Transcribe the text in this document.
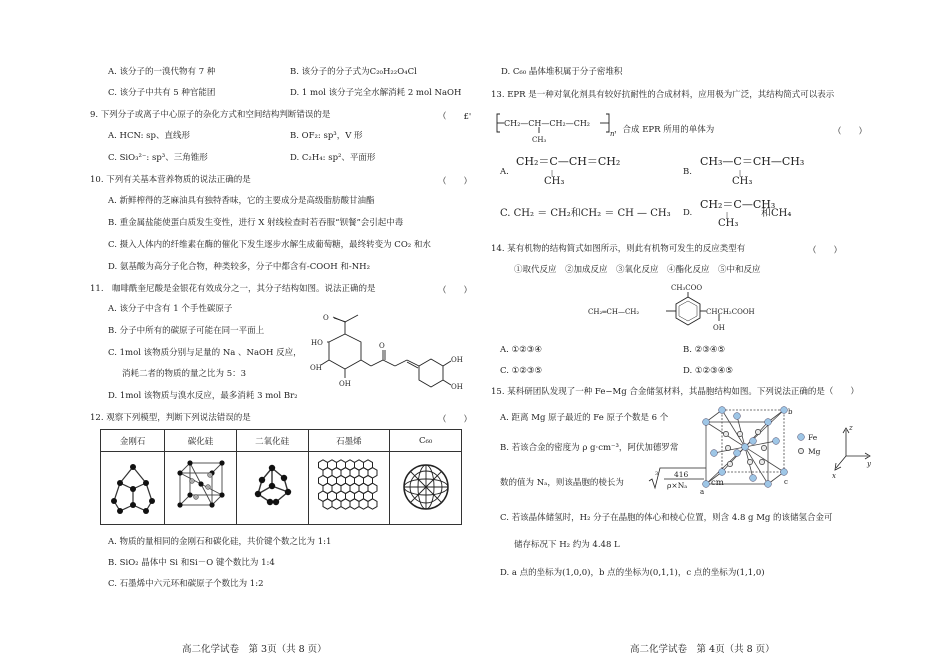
A. 该分子的一溴代物有 7 种	B. 该分子的分子式为C₂₀H₂₂O₄Cl
C. 该分子中共有 5 种官能团	D. 1 mol 该分子完全水解消耗 2 mol NaOH
9. 下列分子或离子中心原子的杂化方式和空间结构判断错误的是	（　　£'
A. HCN: sp、直线形	B. OF₂: sp³，V 形
C. SiO₃²⁻: sp³、三角锥形	D. C₂H₄: sp²、平面形
10. 下列有关基本营养物质的说法正确的是	（　　）
A. 新鲜榨得的芝麻油具有独特香味，它的主要成分是高级脂肪酸甘油酯
B. 重金属盐能使蛋白质发生变性，进行 X 射线检查时若吞服“钡餐”会引起中毒
C. 摄入人体内的纤维素在酶的催化下发生逐步水解生成葡萄糖，最终转变为 CO₂ 和水
D. 氨基酸为高分子化合物，种类较多，分子中都含有-COOH 和-NH₂
11.　咖啡酰奎尼酸是金银花有效成分之一，其分子结构如图。说法正确的是	（　　）
A. 该分子中含有 1 个手性碳原子
B. 分子中所有的碳原子可能在同一平面上
C. 1mol 该物质分别与足量的 Na 、NaOH 反应，
消耗二者的物质的量之比为 5：3
D. 1mol 该物质与溴水反应，最多消耗 3 mol Br₂
O
HO
OH
OH
O
OH
OH
12. 观察下列模型，判断下列说法错误的是	（　　）
金刚石	碳化硅	二氧化硅	石墨烯	C₆₀

A. 物质的量相同的金刚石和碳化硅，共价键个数之比为 1:1
B. SiO₂ 晶体中 Si 和Si－O 键个数比为 1:4
C. 石墨烯中六元环和碳原子个数比为 1:2
高二化学试卷　第 3页（共 8 页）
D. C₆₀ 晶体堆积属于分子密堆积
13. EPR 是一种对氧化剂具有较好抗耐性的合成材料，应用极为广泛，其结构简式可以表示
CH₂—CH—CH₂—CH₂
CH₃
n ，合成 EPR 所用的单体为	（　　）
A.
CH₂＝C—CH＝CH₂
|
CH₃
B.
CH₃—C＝CH—CH₃
|
CH₃
C. CH₂ ＝ CH₂和CH₂ ＝ CH — CH₃ D.
CH₂＝C—CH₃
|
CH₃
和CH₄
14. 某有机物的结构简式如图所示，则此有机物可发生的反应类型有	（　　）
①取代反应　②加成反应　③氧化反应　④酯化反应　⑤中和反应
CH₃COO
CH₂═CH—CH₂	CHCH₂COOH
OH
A. ①②③④	B. ②③④⑤
C. ①②③⑤	D. ①②③④⑤
15. 某科研团队发现了一种 Fe−Mg 合金储氢材料，其晶胞结构如图。下列说法正确的是（　　）
A. 距离 Mg 原子最近的 Fe 原子个数是 6 个
B. 若该合金的密度为 ρ g·cm⁻³，阿伏加德罗常
数的值为 Nₐ，则该晶胞的棱长为
3 416
ρ×Nₐ	cm
C. 若该晶体储氢时，H₂ 分子在晶胞的体心和棱心位置，则含 4.8 g Mg 的该储氢合金可
储存标况下 H₂ 约为 4.48 L
D. a 点的坐标为(1,0,0)，b 点的坐标为(0,1,1)，c 点的坐标为(1,1,0)
b
a
c
Fe
Mg
z
y
x
高二化学试卷　第 4页（共 8 页）
